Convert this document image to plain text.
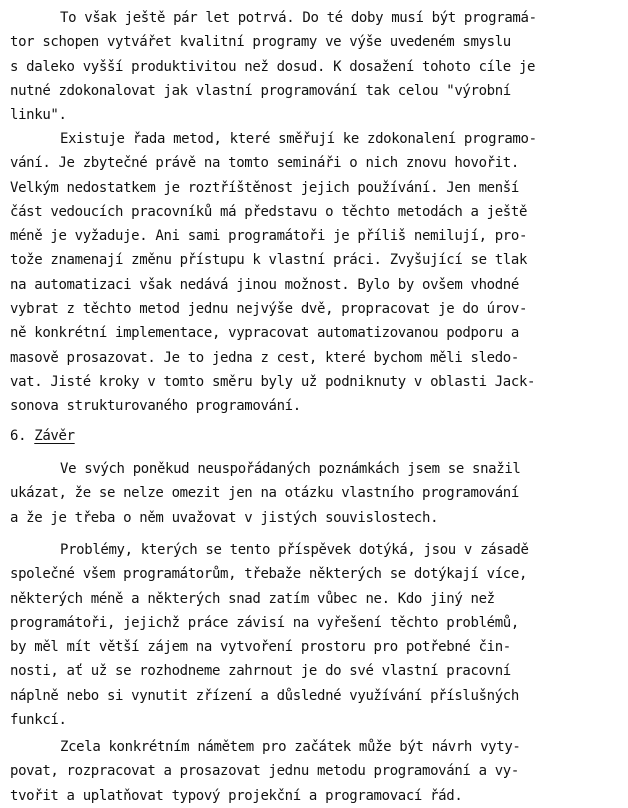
To však ještě pár let potrvá. Do té doby musí být programá-
tor schopen vytvářet kvalitní programy ve výše uvedeném smyslu
s daleko vyšší produktivitou než dosud. K dosažení tohoto cíle je
nutné zdokonalovat jak vlastní programování tak celou "výrobní
linku".
Existuje řada metod, které směřují ke zdokonalení programo-
vání. Je zbytečné právě na tomto semináři o nich znovu hovořit.
Velkým nedostatkem je roztříštěnost jejich používání. Jen menší
část vedoucích pracovníků má představu o těchto metodách a ještě
méně je vyžaduje. Ani sami programátoři je příliš nemilují, pro-
tože znamenají změnu přístupu k vlastní práci. Zvyšující se tlak
na automatizaci však nedává jinou možnost. Bylo by ovšem vhodné
vybrat z těchto metod jednu nejvýše dvě, propracovat je do úrov-
ně konkrétní implementace, vypracovat automatizovanou podporu a
masově prosazovat. Je to jedna z cest, které bychom měli sledo-
vat. Jisté kroky v tomto směru byly už podniknuty v oblasti Jack-
sonova strukturovaného programování.
6. Závěr
Ve svých poněkud neuspořádaných poznámkách jsem se snažil
ukázat, že se nelze omezit jen na otázku vlastního programování
a že je třeba o něm uvažovat v jistých souvislostech.
Problémy, kterých se tento příspěvek dotýká, jsou v zásadě
společné všem programátorům, třebaže některých se dotýkají více,
některých méně a některých snad zatím vůbec ne. Kdo jiný než
programátoři, jejichž práce závisí na vyřešení těchto problémů,
by měl mít větší zájem na vytvoření prostoru pro potřebné čin-
nosti, ať už se rozhodneme zahrnout je do své vlastní pracovní
náplně nebo si vynutit zřízení a důsledné využívání příslušných
funkcí.
Zcela konkrétním námětem pro začátek může být návrh vyty-
povat, rozpracovat a prosazovat jednu metodu programování a vy-
tvořit a uplatňovat typový projekční a programovací řád.
